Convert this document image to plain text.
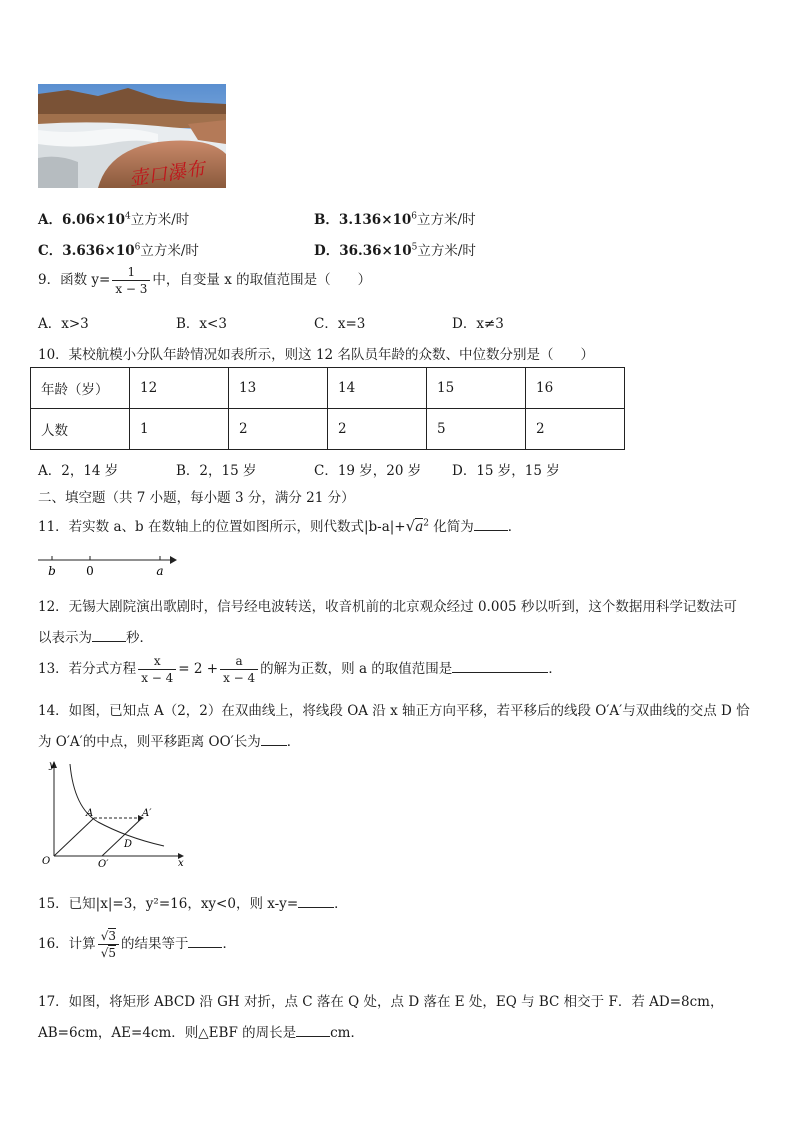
壶口瀑布
A．$6.06\times 10^4$立方米/时	B．$3.136\times 10^6$立方米/时
C．$3.636\times 10^6$立方米/时	D．$36.36\times 10^5$立方米/时
9．函数 $y= \frac{1}{x - 3}$ 中，自变量 x 的取值范围是（　　）
A．x>3	B．x<3	C．x=3	D．x≠3
10．某校航模小分队年龄情况如表所示，则这 12 名队员年龄的众数、中位数分别是（　　）
年龄（岁）	12	13	14	15	16
人数	1	2	2	5	2
A．2，14 岁	B．2，15 岁	C．19 岁，20 岁 D．15 岁，15 岁
二、填空题（共 7 小题，每小题 3 分，满分 21 分）
11．若实数 a、b 在数轴上的位置如图所示，则代数式$|b-a|+√a^2$ 化简为	．
b	0	a
12．无锡大剧院演出歌剧时，信号经电波转送，收音机前的北京观众经过 0.005 秒以听到，这个数据用科学记数法可
以表示为	秒．
13．若分式方程 $\frac{x}{x - 4} = 2 + \frac{a}{x - 4}$ 的解为正数，则 a 的取值范围是	．
14．如图，已知点 A（2，2）在双曲线上，将线段 OA 沿 x 轴正方向平移，若平移后的线段 O′A′与双曲线的交点 D 恰
为 O′A′的中点，则平移距离 OO′长为 ．
y
x
O
A	A′
D
O′
15．已知|x|=3，y²=16，xy<0，则 x-y=	．
16．计算 $\frac{√3}{√5}$ 的结果等于	．
17．如图，将矩形 ABCD 沿 GH 对折，点 C 落在 Q 处，点 D 落在 E 处，EQ 与 BC 相交于 F．若 AD=8cm，
AB=6cm，AE=4cm．则△EBF 的周长是	cm．
